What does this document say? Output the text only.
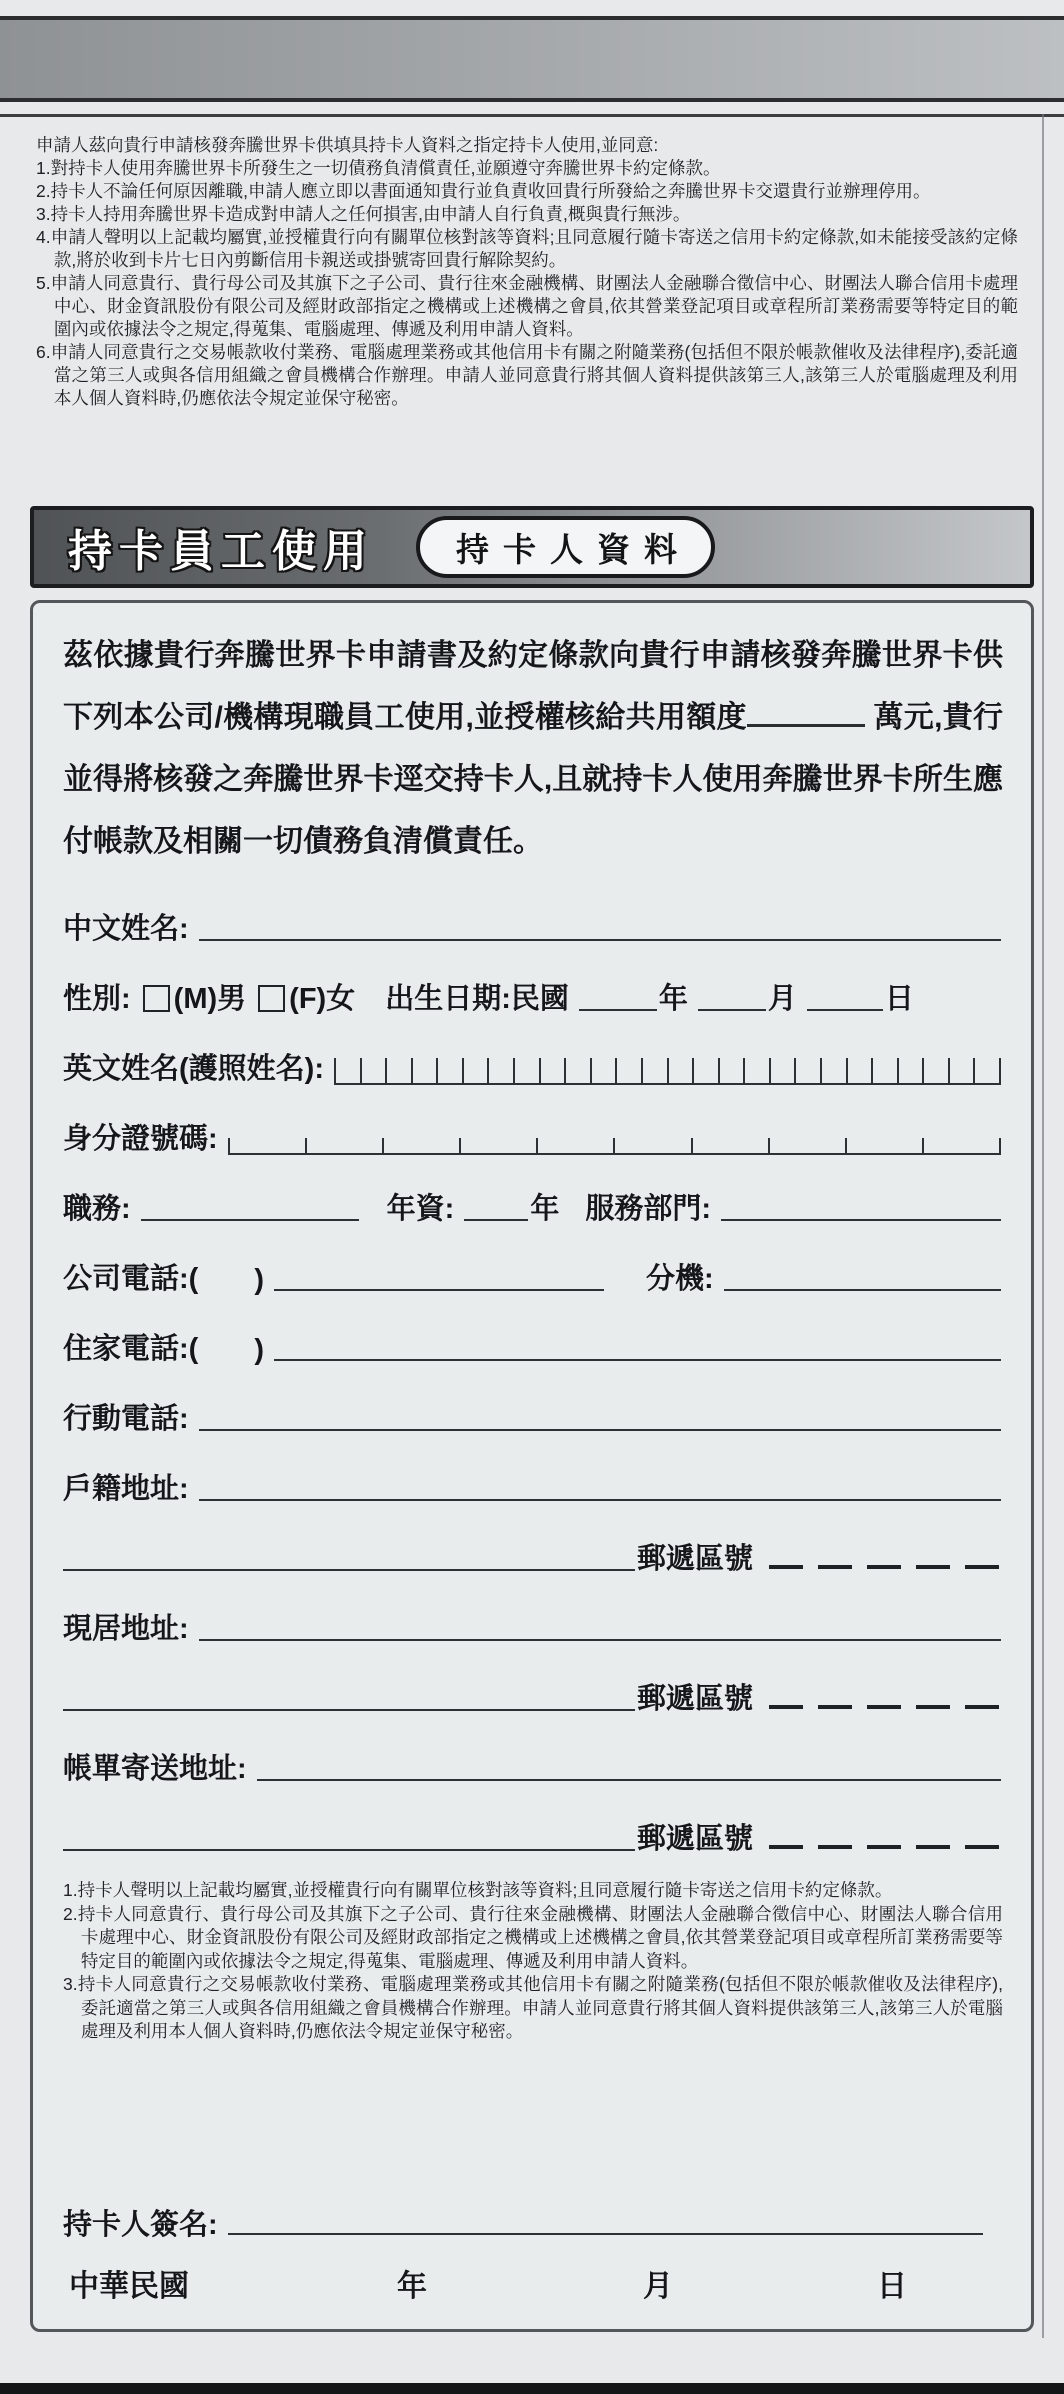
申請人茲向貴行申請核發奔騰世界卡供填具持卡人資料之指定持卡人使用,並同意:
1.對持卡人使用奔騰世界卡所發生之一切債務負清償責任,並願遵守奔騰世界卡約定條款。
2.持卡人不論任何原因離職,申請人應立即以書面通知貴行並負責收回貴行所發給之奔騰世界卡交還貴行並辦理停用。
3.持卡人持用奔騰世界卡造成對申請人之任何損害,由申請人自行負責,概與貴行無涉。
4.申請人聲明以上記載均屬實,並授權貴行向有關單位核對該等資料;且同意履行隨卡寄送之信用卡約定條款,如未能接受該約定條款,將於收到卡片七日內剪斷信用卡親送或掛號寄回貴行解除契約。
5.申請人同意貴行、貴行母公司及其旗下之子公司、貴行往來金融機構、財團法人金融聯合徵信中心、財團法人聯合信用卡處理中心、財金資訊股份有限公司及經財政部指定之機構或上述機構之會員,依其營業登記項目或章程所訂業務需要等特定目的範圍內或依據法令之規定,得蒐集、電腦處理、傳遞及利用申請人資料。
6.申請人同意貴行之交易帳款收付業務、電腦處理業務或其他信用卡有關之附隨業務(包括但不限於帳款催收及法律程序),委託適當之第三人或與各信用組織之會員機構合作辦理。申請人並同意貴行將其個人資料提供該第三人,該第三人於電腦處理及利用本人個人資料時,仍應依法令規定並保守秘密。
持卡員工使用	持卡人資料
茲依據貴行奔騰世界卡申請書及約定條款向貴行申請核發奔騰世界卡供下列本公司/機構現職員工使用,並授權核給共用額度	萬元,貴行並得將核發之奔騰世界卡逕交持卡人,且就持卡人使用奔騰世界卡所生應付帳款及相關一切債務負清償責任。
中文姓名:
性別: (M)男 (F)女 出生日期:民國	年	月	日
英文姓名(護照姓名):
身分證號碼:
職務:	年資:	年 服務部門:
公司電話:( )	分機:
住家電話:( )
行動電話:
戶籍地址:
郵遞區號
現居地址:
郵遞區號
帳單寄送地址:
郵遞區號
1.持卡人聲明以上記載均屬實,並授權貴行向有關單位核對該等資料;且同意履行隨卡寄送之信用卡約定條款。
2.持卡人同意貴行、貴行母公司及其旗下之子公司、貴行往來金融機構、財團法人金融聯合徵信中心、財團法人聯合信用卡處理中心、財金資訊股份有限公司及經財政部指定之機構或上述機構之會員,依其營業登記項目或章程所訂業務需要等特定目的範圍內或依據法令之規定,得蒐集、電腦處理、傳遞及利用申請人資料。
3.持卡人同意貴行之交易帳款收付業務、電腦處理業務或其他信用卡有關之附隨業務(包括但不限於帳款催收及法律程序),委託適當之第三人或與各信用組織之會員機構合作辦理。申請人並同意貴行將其個人資料提供該第三人,該第三人於電腦處理及利用本人個人資料時,仍應依法令規定並保守秘密。
持卡人簽名:
中華民國	年	月	日
